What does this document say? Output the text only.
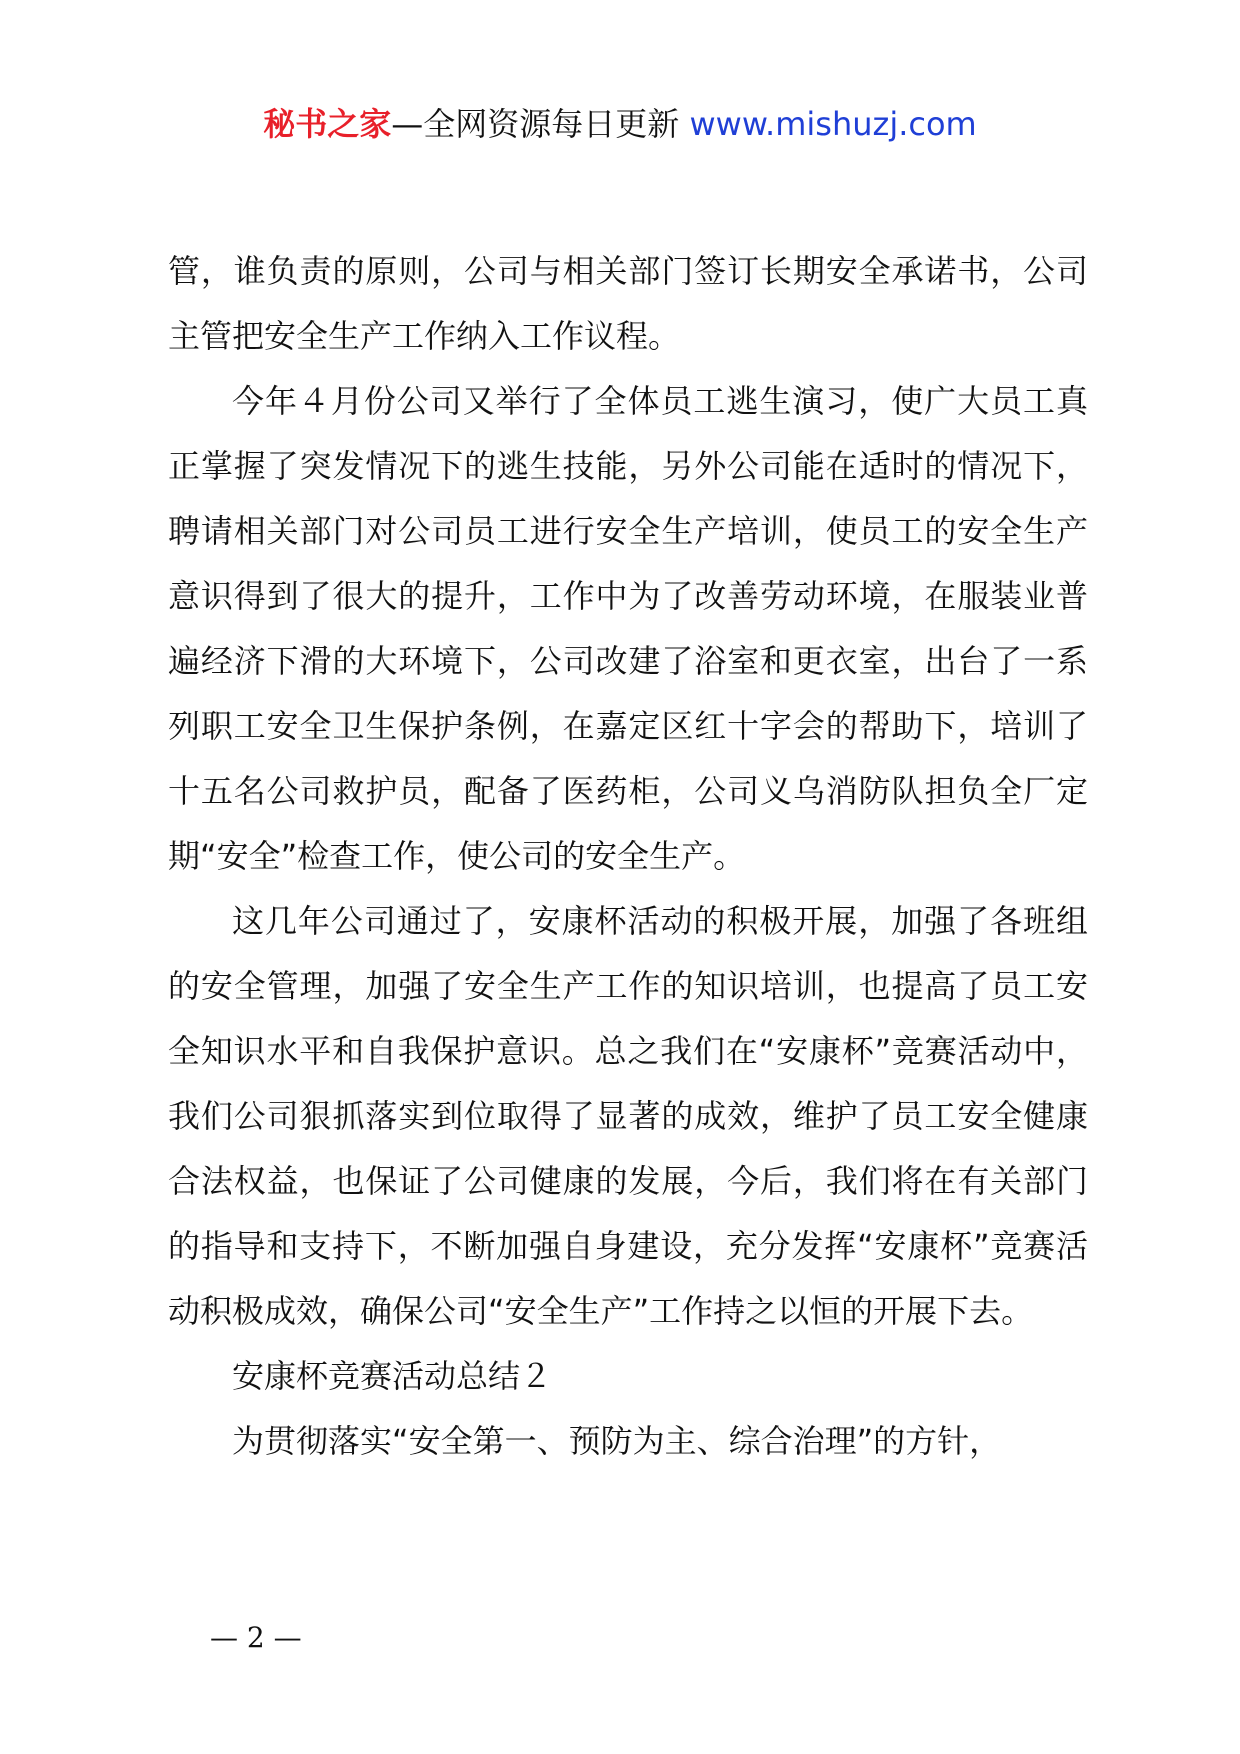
秘书之家—全网资源每日更新 www.mishuzj.com

管，谁负责的原则，公司与相关部门签订长期安全承诺书，公司主管把安全生产工作纳入工作议程。

今年４月份公司又举行了全体员工逃生演习，使广大员工真正掌握了突发情况下的逃生技能，另外公司能在适时的情况下，聘请相关部门对公司员工进行安全生产培训，使员工的安全生产意识得到了很大的提升，工作中为了改善劳动环境，在服装业普遍经济下滑的大环境下，公司改建了浴室和更衣室，出台了一系列职工安全卫生保护条例，在嘉定区红十字会的帮助下，培训了十五名公司救护员，配备了医药柜，公司义乌消防队担负全厂定期“安全”检查工作，使公司的安全生产。

这几年公司通过了，安康杯活动的积极开展，加强了各班组的安全管理，加强了安全生产工作的知识培训，也提高了员工安全知识水平和自我保护意识。总之我们在“安康杯”竞赛活动中，我们公司狠抓落实到位取得了显著的成效，维护了员工安全健康合法权益，也保证了公司健康的发展，今后，我们将在有关部门的指导和支持下，不断加强自身建设，充分发挥“安康杯”竞赛活动积极成效，确保公司“安全生产”工作持之以恒的开展下去。

安康杯竞赛活动总结２

为贯彻落实“安全第一、预防为主、综合治理”的方针，

— 2 —
